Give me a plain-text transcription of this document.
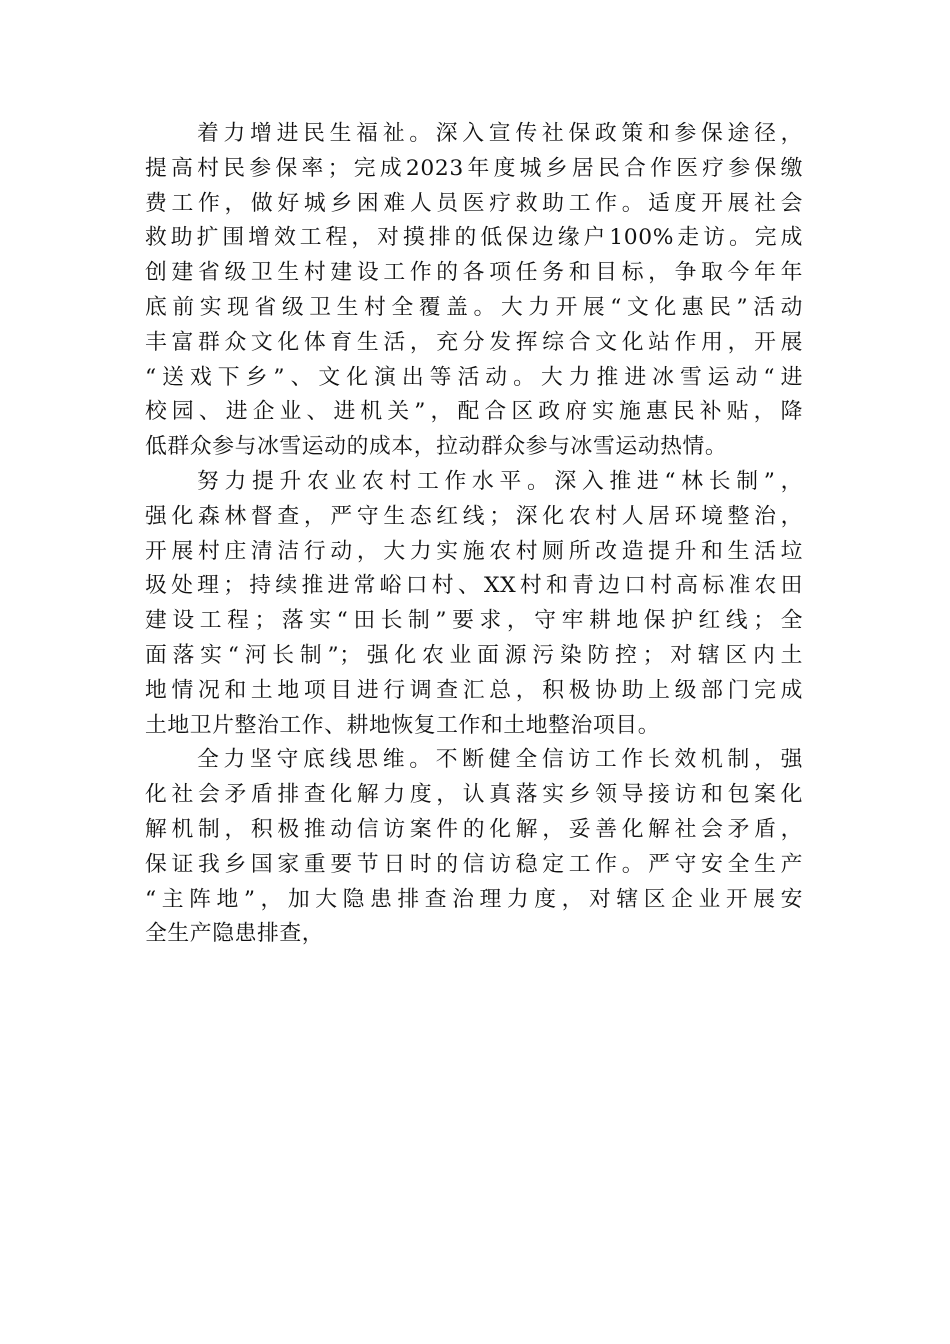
着力增进民生福祉。深入宣传社保政策和参保途径，
提高村民参保率；完成2023年度城乡居民合作医疗参保缴
费工作，做好城乡困难人员医疗救助工作。适度开展社会
救助扩围增效工程，对摸排的低保边缘户100%走访。完成
创建省级卫生村建设工作的各项任务和目标，争取今年年
底前实现省级卫生村全覆盖。大力开展“文化惠民”活动
丰富群众文化体育生活，充分发挥综合文化站作用，开展
“送戏下乡”、文化演出等活动。大力推进冰雪运动“进
校园、进企业、进机关”，配合区政府实施惠民补贴，降
低群众参与冰雪运动的成本，拉动群众参与冰雪运动热情。
努力提升农业农村工作水平。深入推进“林长制”，
强化森林督查，严守生态红线；深化农村人居环境整治，
开展村庄清洁行动，大力实施农村厕所改造提升和生活垃
圾处理；持续推进常峪口村、XX村和青边口村高标准农田
建设工程；落实“田长制”要求，守牢耕地保护红线；全
面落实“河长制”；强化农业面源污染防控；对辖区内土
地情况和土地项目进行调查汇总，积极协助上级部门完成
土地卫片整治工作、耕地恢复工作和土地整治项目。
全力坚守底线思维。不断健全信访工作长效机制，强
化社会矛盾排查化解力度，认真落实乡领导接访和包案化
解机制，积极推动信访案件的化解，妥善化解社会矛盾，
保证我乡国家重要节日时的信访稳定工作。严守安全生产
“主阵地”，加大隐患排查治理力度，对辖区企业开展安
全生产隐患排查，
